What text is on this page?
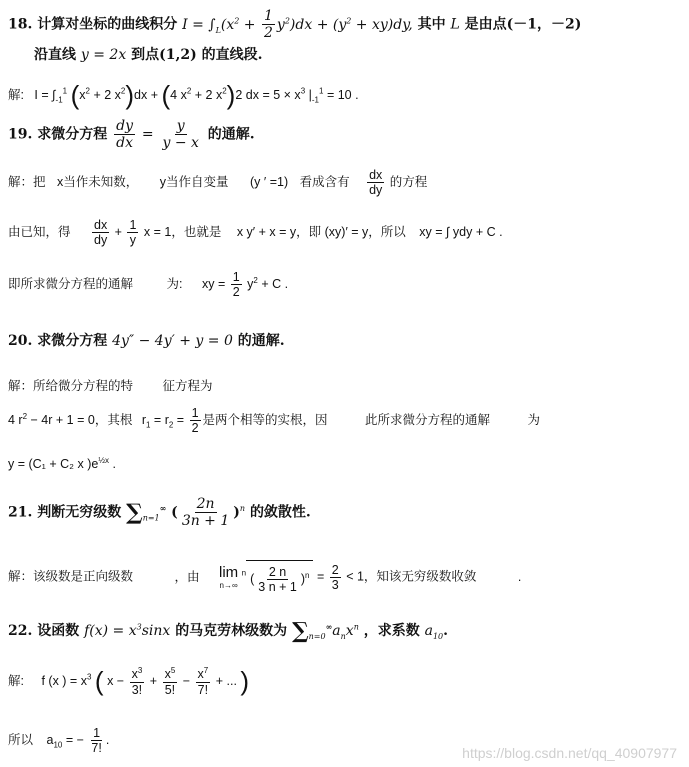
18. 计算对坐标的曲线积分 $I = \int_L(x^2 + \frac{1}{2} y^2)dx + (y^2 + xy)dy$, 其中 L 是由点(－1，－2)
沿直线 y = 2x 到点(1,2) 的直线段.
解:   $I = \int_{-1}^1$ ($x^2 + 2$ $x^2)dx + (4$ $x^2 + 2$ $x^2)2$ dx = $5 \times x^3$ $|_{-1}^1 = 10$ .
19. 求微分方程 $\frac{dy}{dx} = \frac{y}{y - x}$ 的通解.
解：把 x当作未知数， y当作自变量 (y ′ =1) 看成含有 $\frac{dx}{dy}$ 的方程
由已知，得 $\frac{dx}{dy} + \frac{1}{y}$ x = 1，也就是 x y′ + x = y，即 (xy)′ = y，所以 xy = ∫ ydy + C .
即所求微分方程的通解	为: xy = $\frac{1}{2} y^2 + C$ .
20. 求微分方程 4y″ − 4y′ + y = 0 的通解.
解：所给微分方程的特 征方程为
4 $r^2 - 4r + 1 = 0$，其根 $r_1 = r_2 = \frac{1}{2}$ 是两个相等的实根，因	此所求微分方程的通解	为
y = (C₁ + C₂ x )$e^{\frac{1}{2}x}$ .
21. 判断无穷级数 $\sum_{n=1}^\infty$ ( $\frac{2n}{3n + 1} )^n$ 的敛散性.
解：该级数是正向级数	，由 lim
n→∞
$^n$ ( $\frac{2 n}{3 n + 1} )^n = \frac{2}{3} < 1$，知该无穷级数收敛	.
22. 设函数 $f(x) = x^3\sin x$ 的马克劳林级数为 $\sum_{n=0}^\infty a_nx^n$ ，求系数 $a_{10}$.
解: f (x ) = $x^3$ ( $x - \frac{x^3}{3!} + \frac{x^5}{5!} - \frac{x^7}{7!}$ + ... )
所以 $a_{10}$ = − $\frac{1}{7!}$ .
https://blog.csdn.net/qq_40907977
